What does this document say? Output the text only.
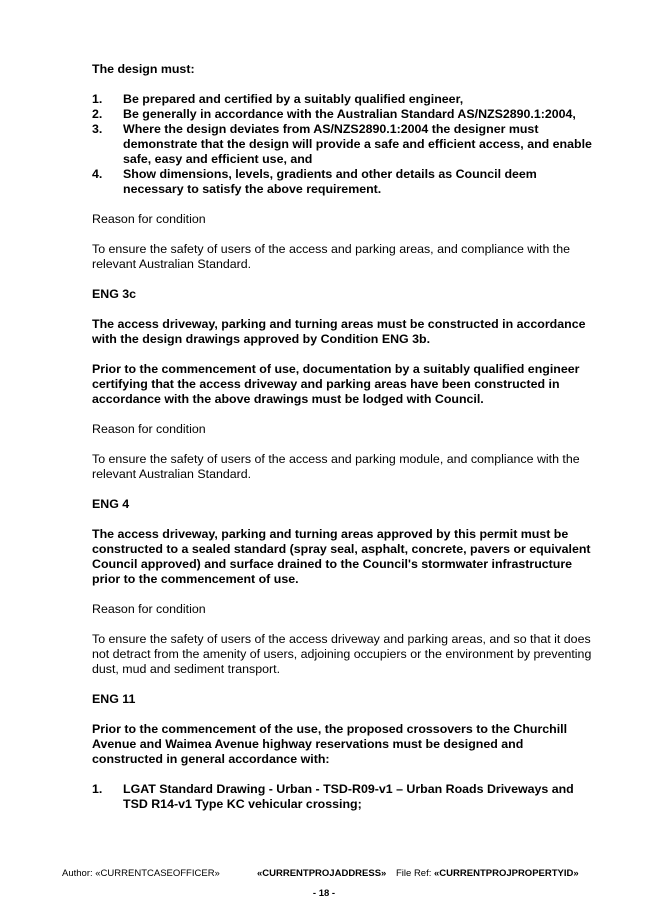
The design must:

1. Be prepared and certified by a suitably qualified engineer,
2. Be generally in accordance with the Australian Standard AS/NZS2890.1:2004,
3. Where the design deviates from AS/NZS2890.1:2004 the designer must demonstrate that the design will provide a safe and efficient access, and enable safe, easy and efficient use, and
4. Show dimensions, levels, gradients and other details as Council deem necessary to satisfy the above requirement.

Reason for condition

To ensure the safety of users of the access and parking areas, and compliance with the relevant Australian Standard.

ENG 3c

The access driveway, parking and turning areas must be constructed in accordance with the design drawings approved by Condition ENG 3b.

Prior to the commencement of use, documentation by a suitably qualified engineer certifying that the access driveway and parking areas have been constructed in accordance with the above drawings must be lodged with Council.

Reason for condition

To ensure the safety of users of the access and parking module, and compliance with the relevant Australian Standard.

ENG 4

The access driveway, parking and turning areas approved by this permit must be constructed to a sealed standard (spray seal, asphalt, concrete, pavers or equivalent Council approved) and surface drained to the Council's stormwater infrastructure prior to the commencement of use.

Reason for condition

To ensure the safety of users of the access driveway and parking areas, and so that it does not detract from the amenity of users, adjoining occupiers or the environment by preventing dust, mud and sediment transport.

ENG 11

Prior to the commencement of the use, the proposed crossovers to the Churchill Avenue and Waimea Avenue highway reservations must be designed and constructed in general accordance with:

1. LGAT Standard Drawing - Urban - TSD-R09-v1 – Urban Roads Driveways and TSD R14-v1 Type KC vehicular crossing;
Author: «CURRENTCASEOFFICER»	«CURRENTPROJADDRESS» File Ref: «CURRENTPROJPROPERTYID»
- 18 -
